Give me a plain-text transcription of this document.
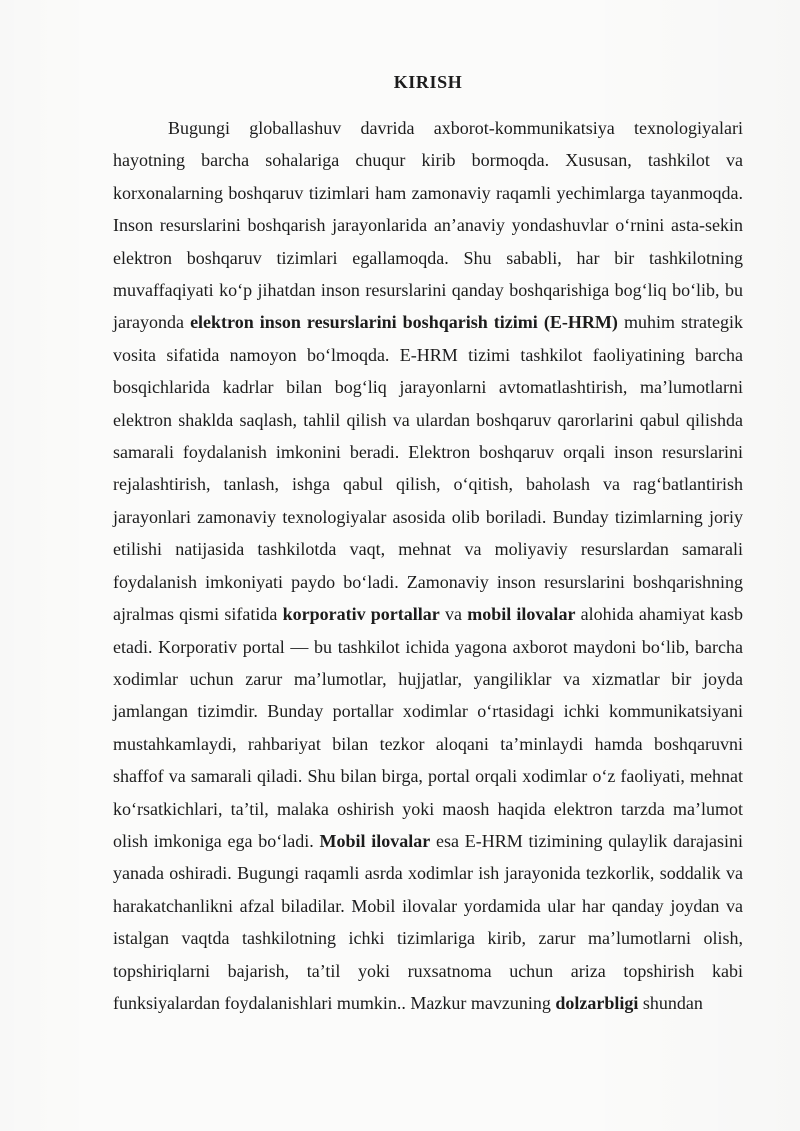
KIRISH

Bugungi globallashuv davrida axborot-kommunikatsiya texnologiyalari hayotning barcha sohalariga chuqur kirib bormoqda. Xususan, tashkilot va korxonalarning boshqaruv tizimlari ham zamonaviy raqamli yechimlarga tayanmoqda. Inson resurslarini boshqarish jarayonlarida an’anaviy yondashuvlar o‘rnini asta-sekin elektron boshqaruv tizimlari egallamoqda. Shu sababli, har bir tashkilotning muvaffaqiyati ko‘p jihatdan inson resurslarini qanday boshqarishiga bog‘liq bo‘lib, bu jarayonda elektron inson resurslarini boshqarish tizimi (E-HRM) muhim strategik vosita sifatida namoyon bo‘lmoqda. E-HRM tizimi tashkilot faoliyatining barcha bosqichlarida kadrlar bilan bog‘liq jarayonlarni avtomatlashtirish, ma’lumotlarni elektron shaklda saqlash, tahlil qilish va ulardan boshqaruv qarorlarini qabul qilishda samarali foydalanish imkonini beradi. Elektron boshqaruv orqali inson resurslarini rejalashtirish, tanlash, ishga qabul qilish, o‘qitish, baholash va rag‘batlantirish jarayonlari zamonaviy texnologiyalar asosida olib boriladi. Bunday tizimlarning joriy etilishi natijasida tashkilotda vaqt, mehnat va moliyaviy resurslardan samarali foydalanish imkoniyati paydo bo‘ladi. Zamonaviy inson resurslarini boshqarishning ajralmas qismi sifatida korporativ portallar va mobil ilovalar alohida ahamiyat kasb etadi. Korporativ portal — bu tashkilot ichida yagona axborot maydoni bo‘lib, barcha xodimlar uchun zarur ma’lumotlar, hujjatlar, yangiliklar va xizmatlar bir joyda jamlangan tizimdir. Bunday portallar xodimlar o‘rtasidagi ichki kommunikatsiyani mustahkamlaydi, rahbariyat bilan tezkor aloqani ta’minlaydi hamda boshqaruvni shaffof va samarali qiladi. Shu bilan birga, portal orqali xodimlar o‘z faoliyati, mehnat ko‘rsatkichlari, ta’til, malaka oshirish yoki maosh haqida elektron tarzda ma’lumot olish imkoniga ega bo‘ladi. Mobil ilovalar esa E-HRM tizimining qulaylik darajasini yanada oshiradi. Bugungi raqamli asrda xodimlar ish jarayonida tezkorlik, soddalik va harakatchanlikni afzal biladilar. Mobil ilovalar yordamida ular har qanday joydan va istalgan vaqtda tashkilotning ichki tizimlariga kirib, zarur ma’lumotlarni olish, topshiriqlarni bajarish, ta’til yoki ruxsatnoma uchun ariza topshirish kabi funksiyalardan foydalanishlari mumkin.. Mazkur mavzuning dolzarbligi shundan
